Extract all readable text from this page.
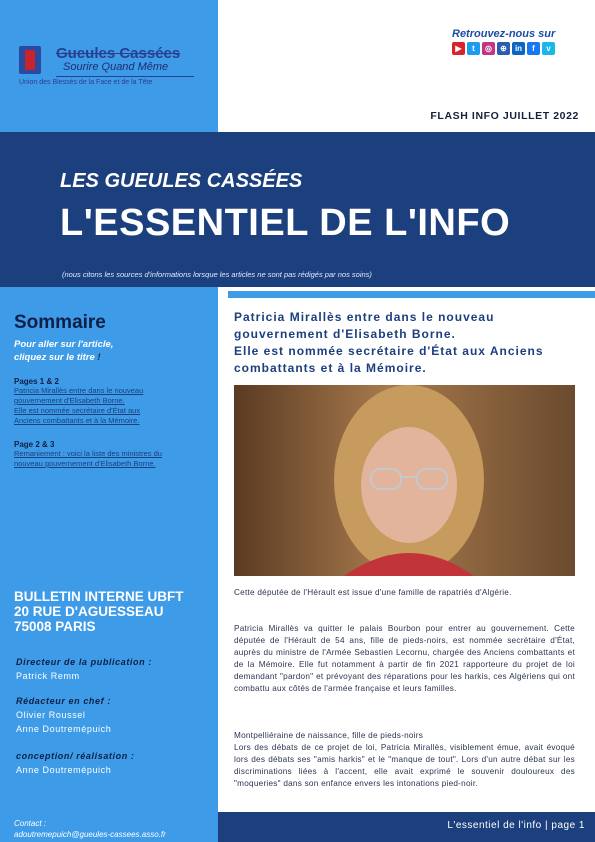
Gueules Cassées
Sourire Quand Même
Union des Blessés de la Face et de la Tête
Retrouvez-nous sur
▶	t	◎	⊕	in	f	v
FLASH INFO JUILLET 2022
LES GUEULES CASSÉES
L'ESSENTIEL DE L'INFO
(nous citons les sources d'informations lorsque les articles ne sont pas rédigés par nos soins)
Sommaire
Pour aller sur l'article,
cliquez sur le titre !
Pages 1 & 2
Patricia Mirallès entre dans le nouveau
gouvernement d'Elisabeth Borne.
Elle est nommée secrétaire d'État aux
Anciens combattants et à la Mémoire.
Page 2 & 3
Remaniement : voici la liste des ministres du
nouveau gouvernement d'Elisabeth Borne.
BULLETIN INTERNE UBFT
20 RUE D'AGUESSEAU
75008 PARIS
Directeur de la publication :
Patrick Remm
Rédacteur en chef :
Olivier Roussel
Anne Doutremépuich
conception/ réalisation :
Anne Doutremépuich
Contact :
adoutremepuich@gueules-cassees.asso.fr
Patricia Mirallès entre dans le nouveau
gouvernement d'Elisabeth Borne.
Elle est nommée secrétaire d'État aux Anciens
combattants et à la Mémoire.
Cette députée de l'Hérault est issue d'une famille de rapatriés d'Algérie.
Patricia Mirallès va quitter le palais Bourbon pour entrer au gouvernement. Cette députée de l'Hérault de 54 ans, fille de pieds-noirs, est nommée secrétaire d'État, auprès du ministre de l'Armée Sebastien Lecornu, chargée des Anciens combattants et de la Mémoire. Elle fut notamment à partir de fin 2021 rapporteure du projet de loi demandant "pardon" et prévoyant des réparations pour les harkis, ces Algériens qui ont combattu aux côtés de l'armée française et leurs familles.
Montpelliéraine de naissance, fille de pieds-noirs
Lors des débats de ce projet de loi, Patricia Mirallès, visiblement émue, avait évoqué lors des débats ses "amis harkis" et le "manque de tout". Lors d'un autre débat sur les discriminations liées à l'accent, elle avait exprimé le souvenir douloureux des "moqueries" dans son enfance envers les intonations pied-noir.
L'essentiel de l'info | page 1
